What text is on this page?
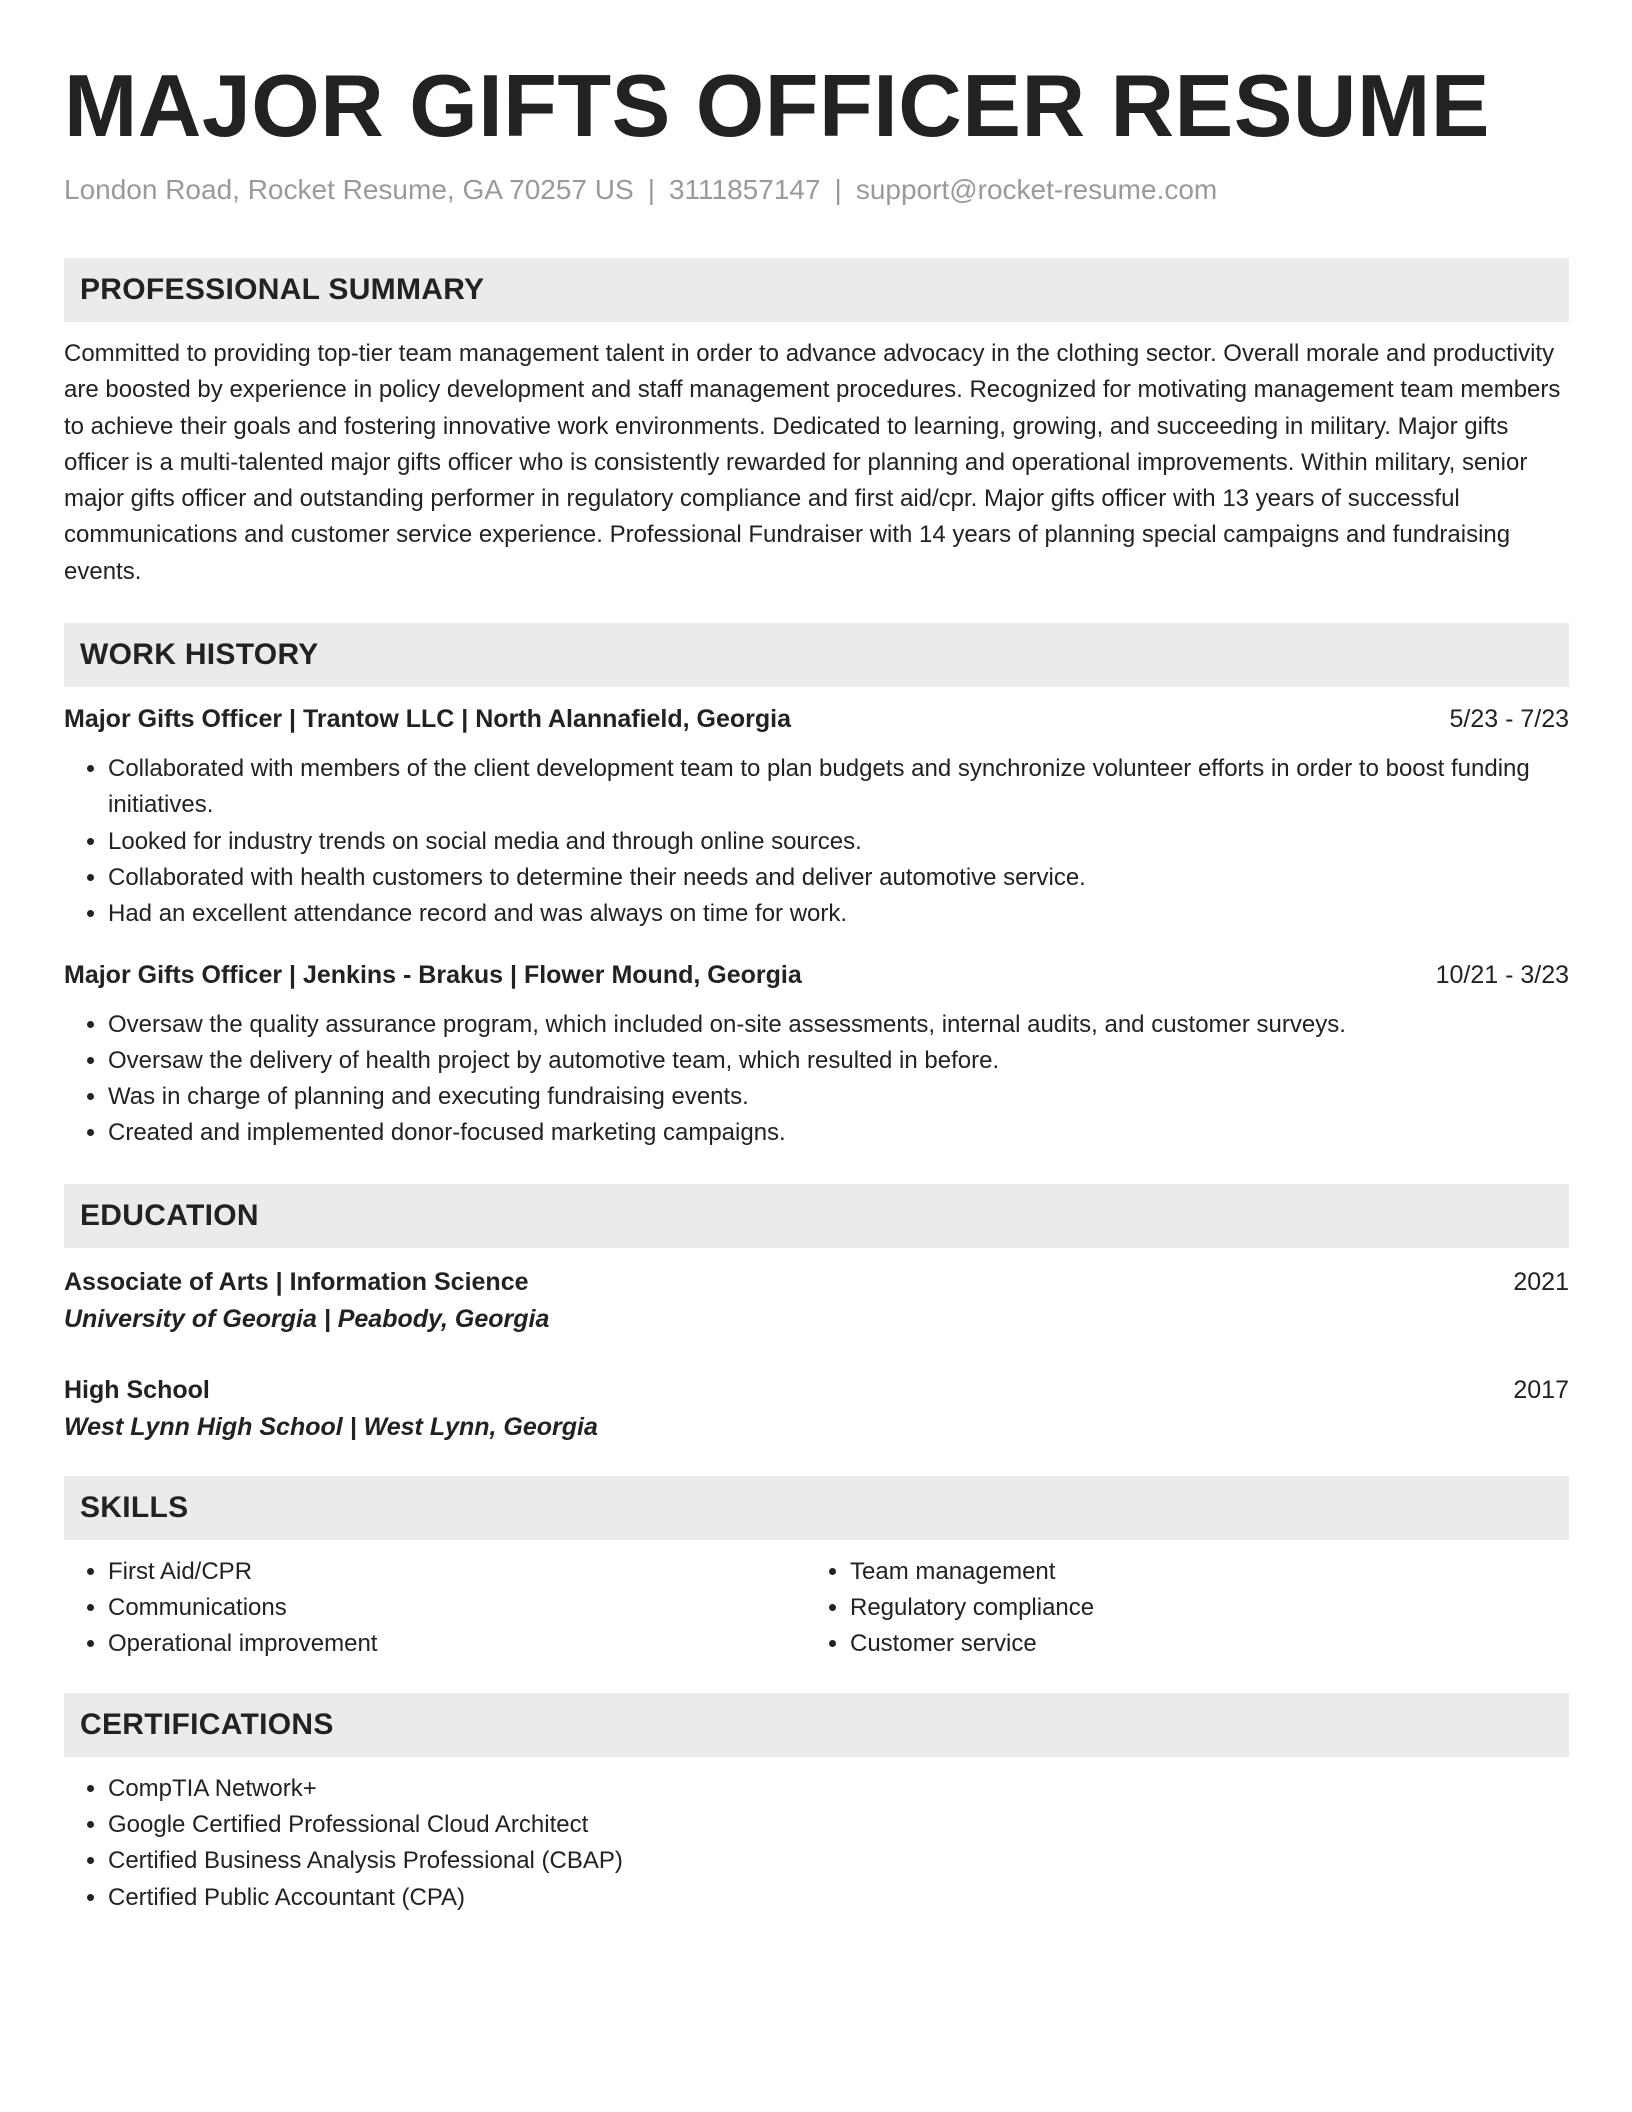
MAJOR GIFTS OFFICER RESUME
London Road, Rocket Resume, GA 70257 US | 3111857147 | support@rocket-resume.com
PROFESSIONAL SUMMARY

Committed to providing top-tier team management talent in order to advance advocacy in the clothing sector. Overall morale and productivity are boosted by experience in policy development and staff management procedures. Recognized for motivating management team members to achieve their goals and fostering innovative work environments. Dedicated to learning, growing, and succeeding in military. Major gifts officer is a multi-talented major gifts officer who is consistently rewarded for planning and operational improvements. Within military, senior major gifts officer and outstanding performer in regulatory compliance and first aid/cpr. Major gifts officer with 13 years of successful communications and customer service experience. Professional Fundraiser with 14 years of planning special campaigns and fundraising events.

WORK HISTORY
Major Gifts Officer | Trantow LLC | North Alannafield, Georgia	5/23 - 7/23
• Collaborated with members of the client development team to plan budgets and synchronize volunteer efforts in order to boost funding initiatives.
• Looked for industry trends on social media and through online sources.
• Collaborated with health customers to determine their needs and deliver automotive service.
• Had an excellent attendance record and was always on time for work.
Major Gifts Officer | Jenkins - Brakus | Flower Mound, Georgia	10/21 - 3/23
• Oversaw the quality assurance program, which included on-site assessments, internal audits, and customer surveys.
• Oversaw the delivery of health project by automotive team, which resulted in before.
• Was in charge of planning and executing fundraising events.
• Created and implemented donor-focused marketing campaigns.
EDUCATION
Associate of Arts | Information Science	2021
University of Georgia | Peabody, Georgia
High School	2017
West Lynn High School | West Lynn, Georgia
SKILLS
• First Aid/CPR
• Communications
• Operational improvement
• Team management
• Regulatory compliance
• Customer service
CERTIFICATIONS
• CompTIA Network+
• Google Certified Professional Cloud Architect
• Certified Business Analysis Professional (CBAP)
• Certified Public Accountant (CPA)
